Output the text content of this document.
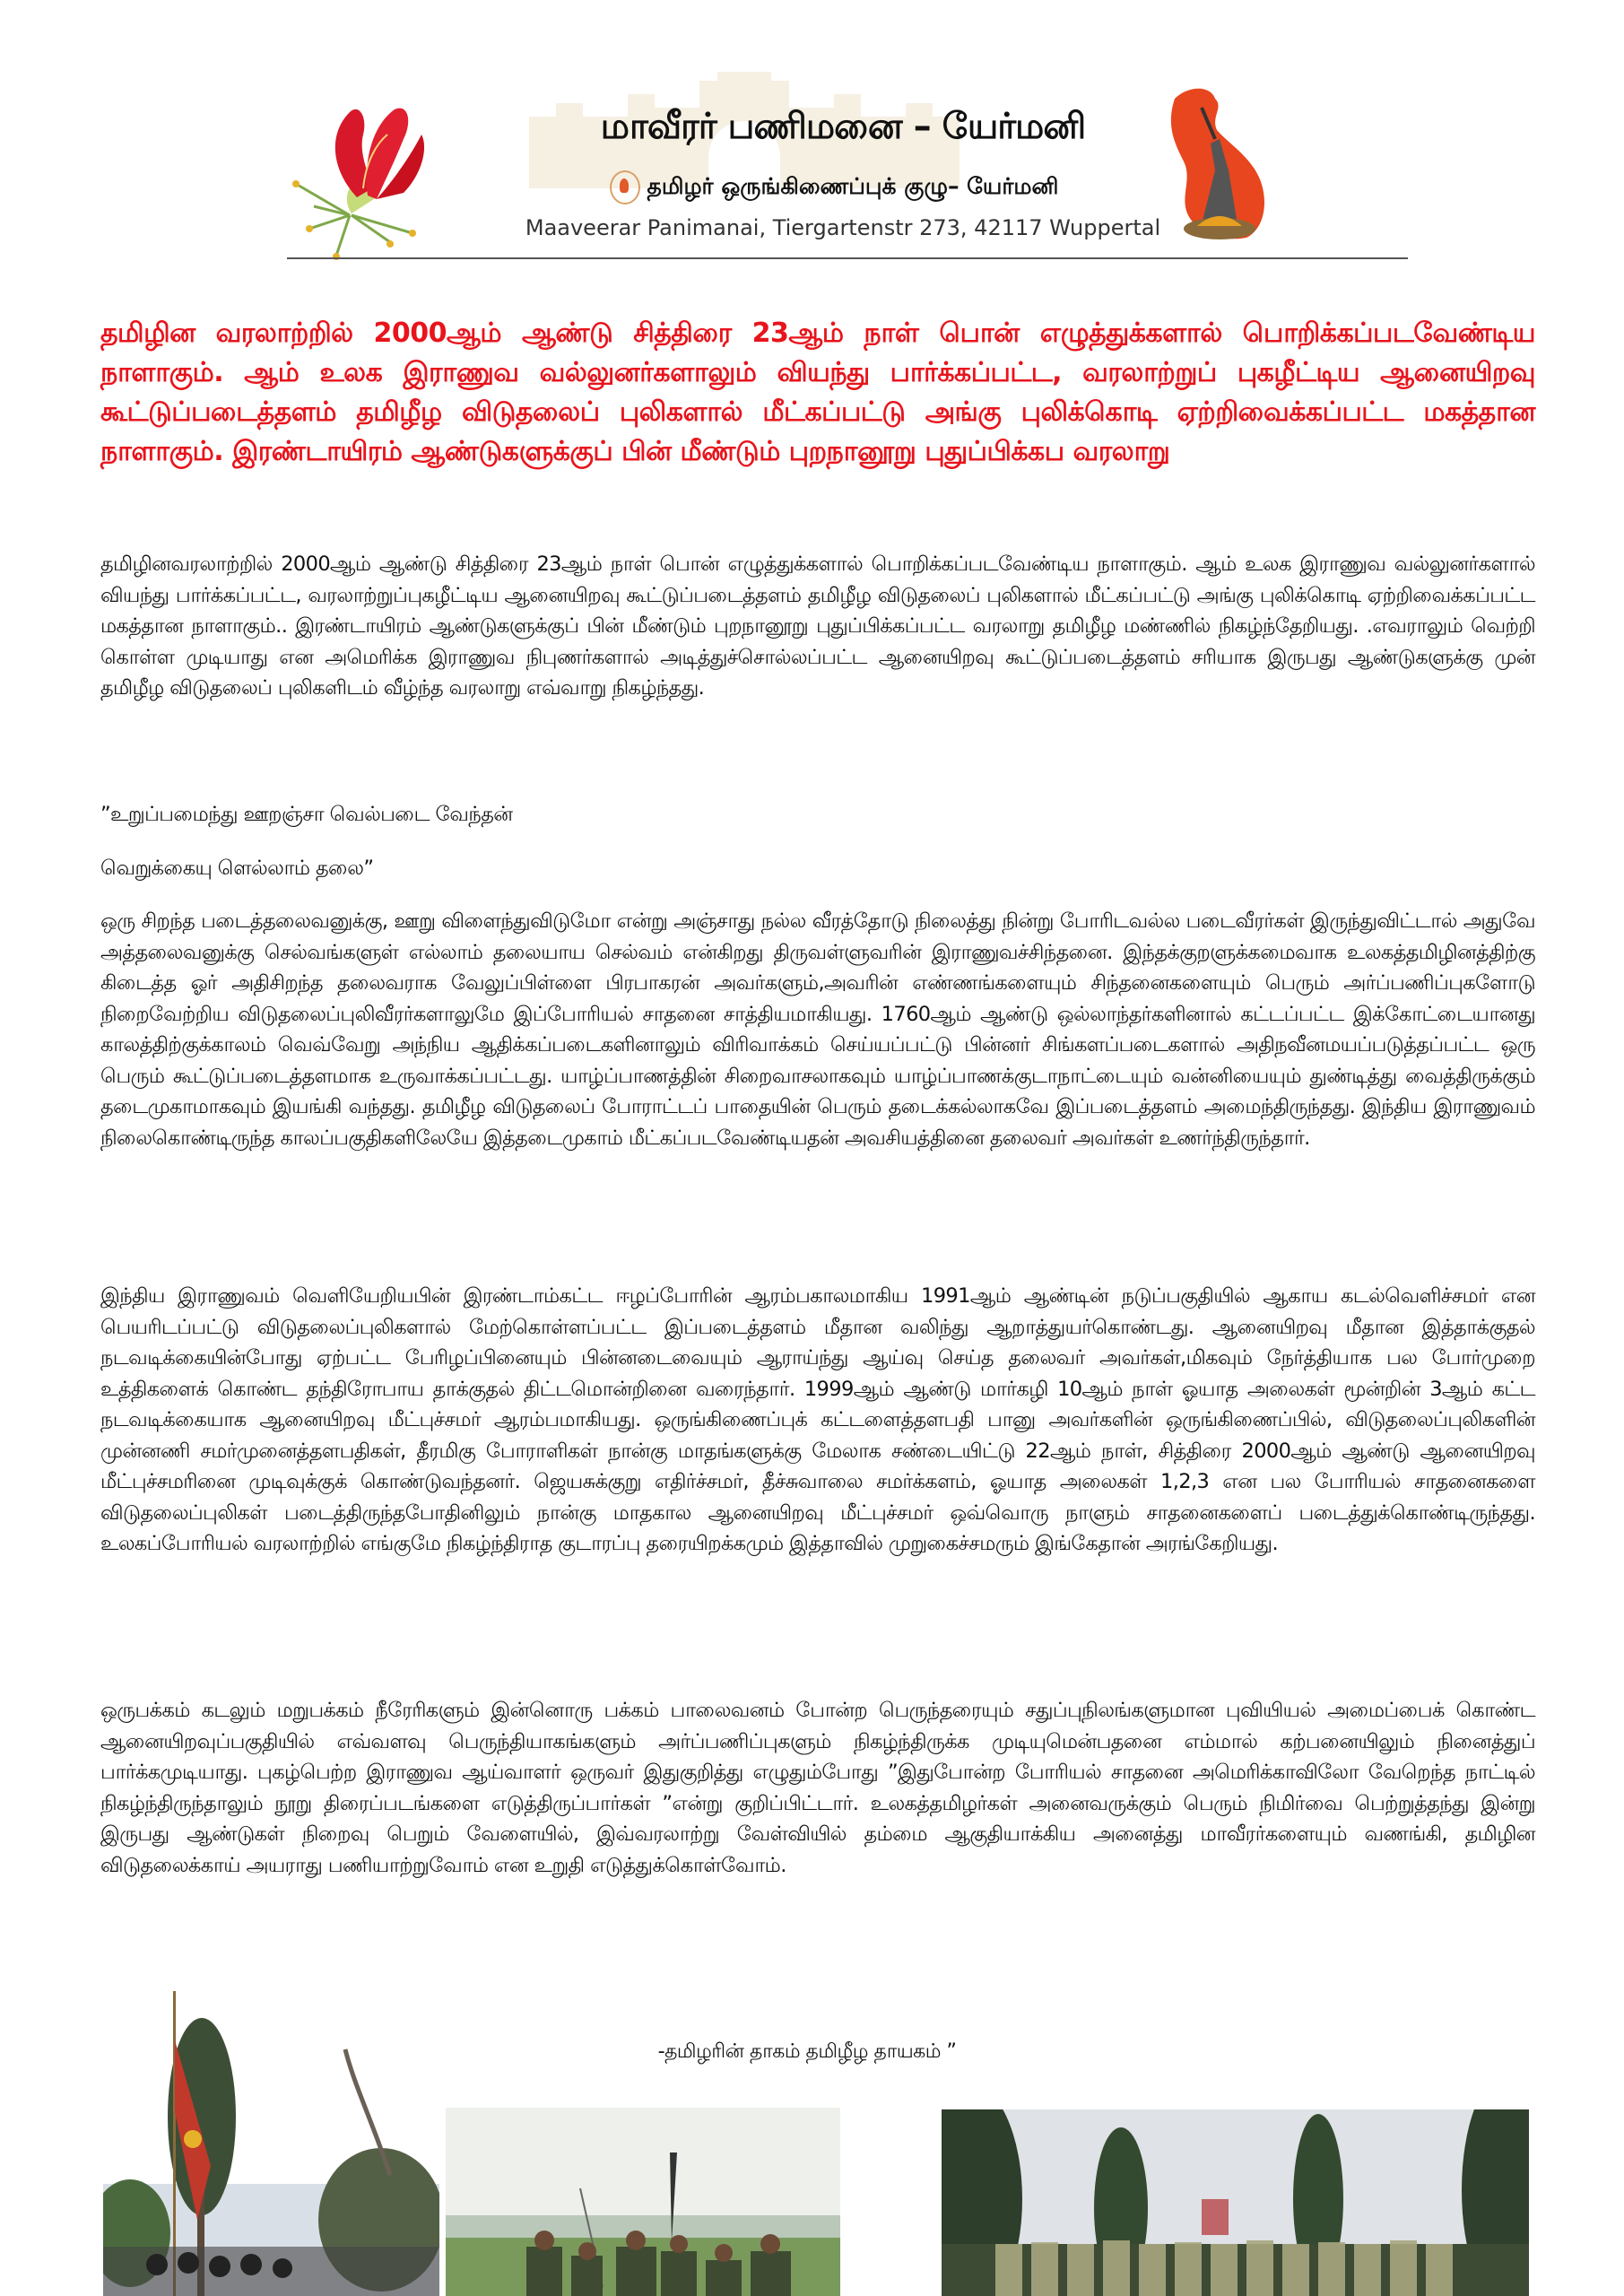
மாவீரர் பணிமனை – யேர்மனி
தமிழர் ஒருங்கிணைப்புக் குழு– யேர்மனி
Maaveerar Panimanai, Tiergartenstr 273, 42117 Wuppertal
தமிழின வரலாற்றில் 2000ஆம் ஆண்டு சித்திரை 23ஆம் நாள் பொன் எழுத்துக்களால் பொறிக்கப்படவேண்டிய நாளாகும். ஆம் உலக இராணுவ வல்லுனர்களாலும் வியந்து பார்க்கப்பட்ட, வரலாற்றுப் புகழீட்டிய ஆனையிறவு கூட்டுப்படைத்தளம் தமிழீழ விடுதலைப் புலிகளால் மீட்கப்பட்டு அங்கு புலிக்கொடி ஏற்றிவைக்கப்பட்ட மகத்தான நாளாகும். இரண்டாயிரம் ஆண்டுகளுக்குப் பின் மீண்டும் புறநானூறு புதுப்பிக்கப வரலாறு
தமிழினவரலாற்றில் 2000ஆம் ஆண்டு சித்திரை 23ஆம் நாள் பொன் எழுத்துக்களால் பொறிக்கப்படவேண்டிய நாளாகும். ஆம் உலக இராணுவ வல்லுனர்களால் வியந்து பார்க்கப்பட்ட, வரலாற்றுப்புகழீட்டிய ஆனையிறவு கூட்டுப்படைத்தளம் தமிழீழ விடுதலைப் புலிகளால் மீட்கப்பட்டு அங்கு புலிக்கொடி ஏற்றிவைக்கப்பட்ட மகத்தான நாளாகும்.. இரண்டாயிரம் ஆண்டுகளுக்குப் பின் மீண்டும் புறநானூறு புதுப்பிக்கப்பட்ட வரலாறு தமிழீழ மண்ணில் நிகழ்ந்தேறியது. .எவராலும் வெற்றி கொள்ள முடியாது என அமெரிக்க இராணுவ நிபுணர்களால் அடித்துச்சொல்லப்பட்ட ஆனையிறவு கூட்டுப்படைத்தளம் சரியாக இருபது ஆண்டுகளுக்கு முன் தமிழீழ விடுதலைப் புலிகளிடம் வீழ்ந்த வரலாறு எவ்வாறு நிகழ்ந்தது.
”உறுப்பமைந்து ஊறஞ்சா வெல்படை வேந்தன்
வெறுக்கையு ளெல்லாம் தலை”
ஒரு சிறந்த படைத்தலைவனுக்கு, ஊறு விளைந்துவிடுமோ என்று அஞ்சாது நல்ல வீரத்தோடு நிலைத்து நின்று போரிடவல்ல படைவீரர்கள் இருந்துவிட்டால் அதுவே அத்தலைவனுக்கு செல்வங்களுள் எல்லாம் தலையாய செல்வம் என்கிறது திருவள்ளுவரின் இராணுவச்சிந்தனை. இந்தக்குறளுக்கமைவாக உலகத்தமிழினத்திற்கு கிடைத்த ஓர் அதிசிறந்த தலைவராக வேலுப்பிள்ளை பிரபாகரன் அவர்களும்,அவரின் எண்ணங்களையும் சிந்தனைகளையும் பெரும் அர்ப்பணிப்புகளோடு நிறைவேற்றிய விடுதலைப்புலிவீரர்களாலுமே இப்போரியல் சாதனை சாத்தியமாகியது. 1760ஆம் ஆண்டு ஒல்லாந்தர்களினால் கட்டப்பட்ட இக்கோட்டையானது காலத்திற்குக்காலம் வெவ்வேறு அந்நிய ஆதிக்கப்படைகளினாலும் விரிவாக்கம் செய்யப்பட்டு பின்னர் சிங்களப்படைகளால் அதிநவீனமயப்படுத்தப்பட்ட ஒரு பெரும் கூட்டுப்படைத்தளமாக உருவாக்கப்பட்டது. யாழ்ப்பாணத்தின் சிறைவாசலாகவும் யாழ்ப்பாணக்குடாநாட்டையும் வன்னியையும் துண்டித்து வைத்திருக்கும் தடைமுகாமாகவும் இயங்கி வந்தது. தமிழீழ விடுதலைப் போராட்டப் பாதையின் பெரும் தடைக்கல்லாகவே இப்படைத்தளம் அமைந்திருந்தது. இந்திய இராணுவம் நிலைகொண்டிருந்த காலப்பகுதிகளிலேயே இத்தடைமுகாம் மீட்கப்படவேண்டியதன் அவசியத்தினை தலைவர் அவர்கள் உணர்ந்திருந்தார்.
இந்திய இராணுவம் வெளியேறியபின் இரண்டாம்கட்ட ஈழப்போரின் ஆரம்பகாலமாகிய 1991ஆம் ஆண்டின் நடுப்பகுதியில் ஆகாய கடல்வெளிச்சமர் என பெயரிடப்பட்டு விடுதலைப்புலிகளால் மேற்கொள்ளப்பட்ட இப்படைத்தளம் மீதான வலிந்து ஆறாத்துயர்கொண்டது. ஆனையிறவு மீதான இத்தாக்குதல் நடவடிக்கையின்போது ஏற்பட்ட பேரிழப்பினையும் பின்னடைவையும் ஆராய்ந்து ஆய்வு செய்த தலைவர் அவர்கள்,மிகவும் நேர்த்தியாக பல போர்முறை உத்திகளைக் கொண்ட தந்திரோபாய தாக்குதல் திட்டமொன்றினை வரைந்தார். 1999ஆம் ஆண்டு மார்கழி 10ஆம் நாள் ஓயாத அலைகள் மூன்றின் 3ஆம் கட்ட நடவடிக்கையாக ஆனையிறவு மீட்புச்சமர் ஆரம்பமாகியது. ஒருங்கிணைப்புக் கட்டளைத்தளபதி பானு அவர்களின் ஒருங்கிணைப்பில், விடுதலைப்புலிகளின் முன்னணி சமர்முனைத்தளபதிகள், தீரமிகு போராளிகள் நான்கு மாதங்களுக்கு மேலாக சண்டையிட்டு 22ஆம் நாள், சித்திரை 2000ஆம் ஆண்டு ஆனையிறவு மீட்புச்சமரினை முடிவுக்குக் கொண்டுவந்தனர். ஜெயசுக்குறு எதிர்ச்சமர், தீச்சுவாலை சமர்க்களம், ஓயாத அலைகள் 1,2,3 என பல போரியல் சாதனைகளை விடுதலைப்புலிகள் படைத்திருந்தபோதினிலும் நான்கு மாதகால ஆனையிறவு மீட்புச்சமர் ஒவ்வொரு நாளும் சாதனைகளைப் படைத்துக்கொண்டிருந்தது. உலகப்போரியல் வரலாற்றில் எங்குமே நிகழ்ந்திராத குடாரப்பு தரையிறக்கமும் இத்தாவில் முறுகைச்சமரும் இங்கேதான் அரங்கேறியது.
ஒருபக்கம் கடலும் மறுபக்கம் நீரேரிகளும் இன்னொரு பக்கம் பாலைவனம் போன்ற பெருந்தரையும் சதுப்புநிலங்களுமான புவியியல் அமைப்பைக் கொண்ட ஆனையிறவுப்பகுதியில் எவ்வளவு பெருந்தியாகங்களும் அர்ப்பணிப்புகளும் நிகழ்ந்திருக்க முடியுமென்பதனை எம்மால் கற்பனையிலும் நினைத்துப் பார்க்கமுடியாது. புகழ்பெற்ற இராணுவ ஆய்வாளர் ஒருவர் இதுகுறித்து எழுதும்போது ”இதுபோன்ற போரியல் சாதனை அமெரிக்காவிலோ வேறெந்த நாட்டில் நிகழ்ந்திருந்தாலும் நூறு திரைப்படங்களை எடுத்திருப்பார்கள் ”என்று குறிப்பிட்டார். உலகத்தமிழர்கள் அனைவருக்கும் பெரும் நிமிர்வை பெற்றுத்தந்து இன்று இருபது ஆண்டுகள் நிறைவு பெறும் வேளையில், இவ்வரலாற்று வேள்வியில் தம்மை ஆகுதியாக்கிய அனைத்து மாவீரர்களையும் வணங்கி, தமிழின விடுதலைக்காய் அயராது பணியாற்றுவோம் என உறுதி எடுத்துக்கொள்வோம்.
-தமிழரின் தாகம் தமிழீழ தாயகம் ”
